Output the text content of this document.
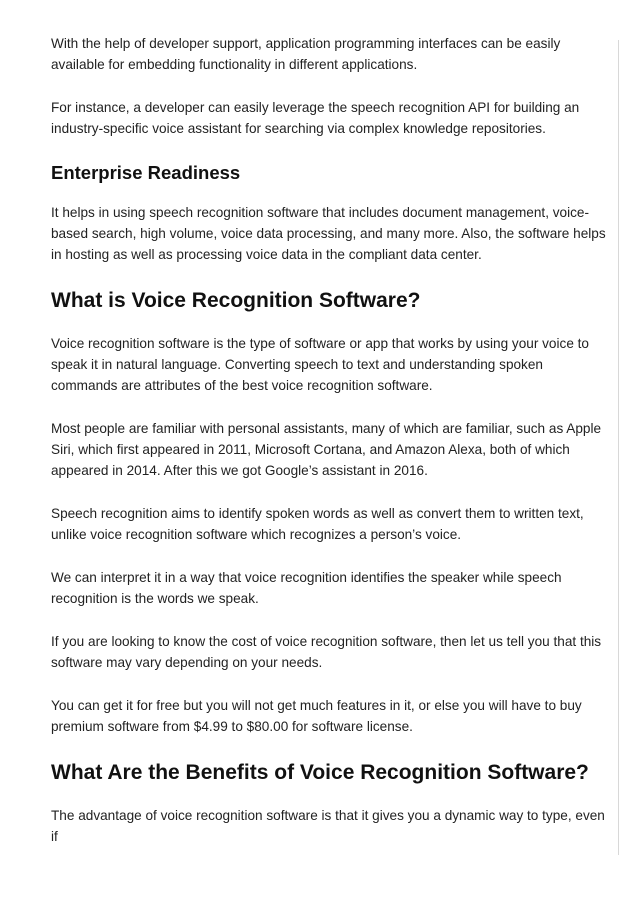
With the help of developer support, application programming interfaces can be easily available for embedding functionality in different applications.

For instance, a developer can easily leverage the speech recognition API for building an industry-specific voice assistant for searching via complex knowledge repositories.

Enterprise Readiness

It helps in using speech recognition software that includes document management, voice-based search, high volume, voice data processing, and many more. Also, the software helps in hosting as well as processing voice data in the compliant data center.

What is Voice Recognition Software?

Voice recognition software is the type of software or app that works by using your voice to speak it in natural language. Converting speech to text and understanding spoken commands are attributes of the best voice recognition software.

Most people are familiar with personal assistants, many of which are familiar, such as Apple Siri, which first appeared in 2011, Microsoft Cortana, and Amazon Alexa, both of which appeared in 2014. After this we got Google’s assistant in 2016.

Speech recognition aims to identify spoken words as well as convert them to written text, unlike voice recognition software which recognizes a person’s voice.

We can interpret it in a way that voice recognition identifies the speaker while speech recognition is the words we speak.

If you are looking to know the cost of voice recognition software, then let us tell you that this software may vary depending on your needs.

You can get it for free but you will not get much features in it, or else you will have to buy premium software from $4.99 to $80.00 for software license.

What Are the Benefits of Voice Recognition Software?

The advantage of voice recognition software is that it gives you a dynamic way to type, even if
